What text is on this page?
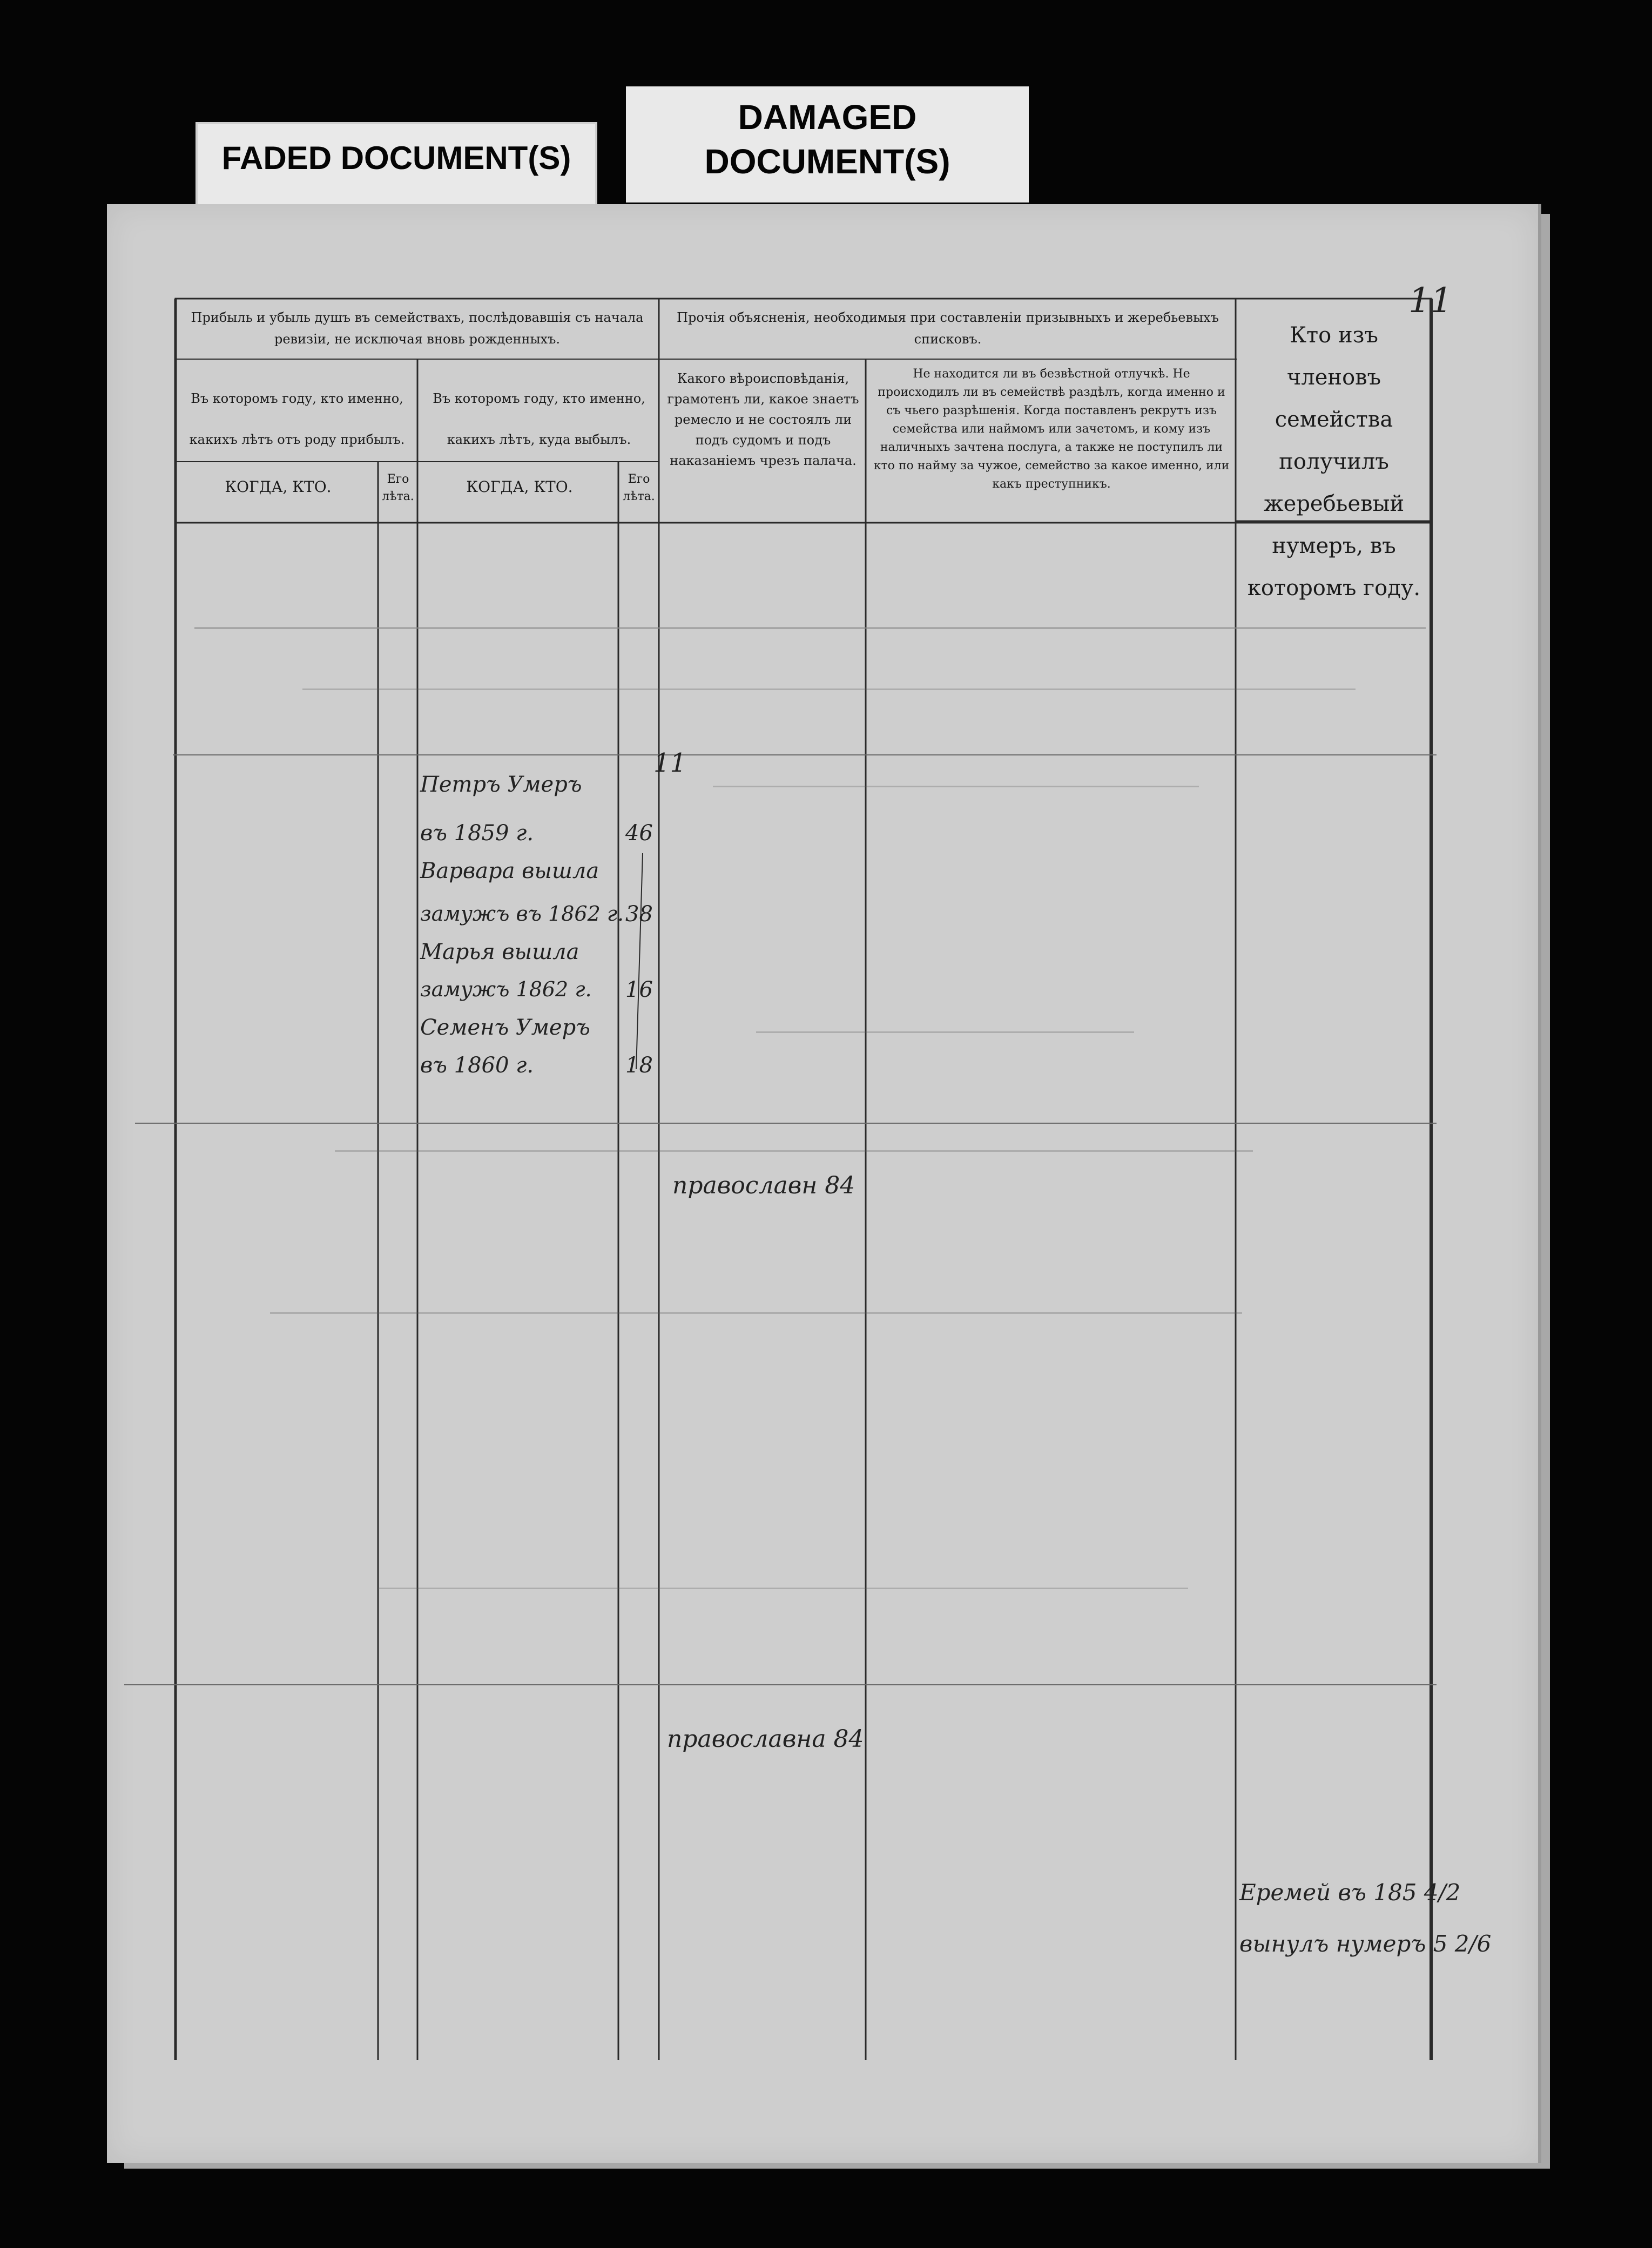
FADED DOCUMENT(S)
DAMAGED
DOCUMENT(S)
Прибыль и убыль душъ въ семействахъ, послѣдовавшія съ начала ревизіи, не исключая вновь рожденныхъ.
Прочія объясненія, необходимыя при составленіи призывныхъ и жеребьевыхъ списковъ.
Въ которомъ году, кто именно, какихъ лѣтъ отъ роду прибылъ.
Въ которомъ году, кто именно, какихъ лѣтъ, куда выбылъ.
Какого вѣроисповѣданія, грамотенъ ли, какое знаетъ ремесло и не состоялъ ли подъ судомъ и подъ наказаніемъ чрезъ палача.
Не находится ли въ безвѣстной отлучкѣ. Не происходилъ ли въ семействѣ раздѣлъ, когда именно и съ чьего разрѣшенія. Когда поставленъ рекрутъ изъ семейства или наймомъ или зачетомъ, и кому изъ наличныхъ зачтена послуга, а также не поступилъ ли кто по найму за чужое, семейство за какое именно, или какъ преступникъ.
Кто изъ членовъ семейства получилъ жеребьевый нумеръ, въ которомъ году.
КОГДА, КТО.	Его лѣта.
КОГДА, КТО.	Его лѣта.
11
11
Петръ Умеръ
въ 1859 г.	46
Варвара вышла
замужъ въ 1862 г. 38
Марья вышла
замужъ 1862 г. 16
Семенъ Умеръ
въ 1860 г.	18
православн 84
православна 84
Еремей въ 185 4/2
вынулъ нумеръ 5 2/6
